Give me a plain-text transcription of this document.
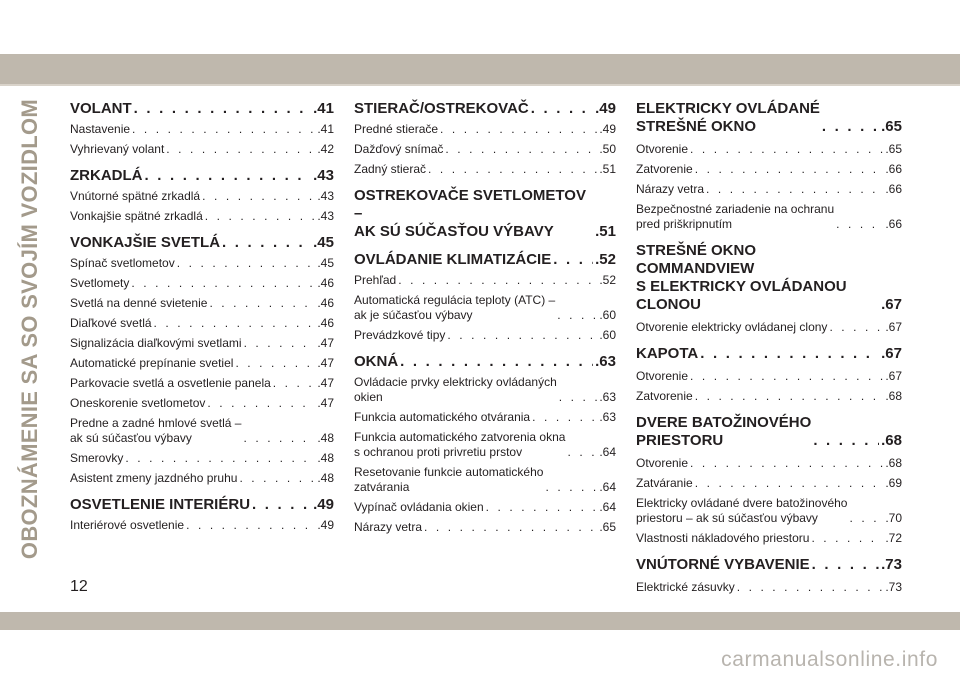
OBOZNÁMENIE SA SO SVOJÍM VOZIDLOM VOLANT . . .	.41
Nastavenie . . .	.41
Vyhrievaný volant . . .	.42
ZRKADLÁ . . .	.43
Vnútorné spätné zrkadlá . . .	.43
Vonkajšie spätné zrkadlá . . .	.43
VONKAJŠIE SVETLÁ . . .	.45
Spínač svetlometov . . .	.45
Svetlomety . . .	.46
Svetlá na denné svietenie . . .	.46
Diaľkové svetlá . . .	.46
Signalizácia diaľkovými svetlami . . .	.47
Automatické prepínanie svetiel . . .	.47
Parkovacie svetlá a osvetlenie panela . . .	.47
Oneskorenie svetlometov . . .	.47
Predne a zadné hmlové svetlá –
ak sú súčasťou výbavy . . .	.48
Smerovky . . .	.48
Asistent zmeny jazdného pruhu . . .	.48
OSVETLENIE INTERIÉRU . . .	.49
Interiérové osvetlenie . . .	.49
STIERAČ/OSTREKOVAČ . . .	.49
Predné stierače . . .	.49
Dažďový snímač . . .	.50
Zadný stierač . . .	.51
OSTREKOVAČE SVETLOMETOV –
AK SÚ SÚČASŤOU VÝBAVY	.51
OVLÁDANIE KLIMATIZÁCIE . . .	.52
Prehľad . . .	.52
Automatická regulácia teploty (ATC) –
ak je súčasťou výbavy . . .	.60
Prevádzkové tipy . . .	.60
OKNÁ . . .	.63
Ovládacie prvky elektricky ovládaných
okien . . .	.63
Funkcia automatického otvárania . . .	.63
Funkcia automatického zatvorenia okna
s ochranou proti privretiu prstov . . .	.64
Resetovanie funkcie automatického
zatvárania . . .	.64
Vypínač ovládania okien . . .	.64
Nárazy vetra . . .	.65
ELEKTRICKY OVLÁDANÉ
STREŠNÉ OKNO . . .	.65
Otvorenie . . .	.65
Zatvorenie . . .	.66
Nárazy vetra . . .	.66
Bezpečnostné zariadenie na ochranu
pred priškripnutím . . .	.66
STREŠNÉ OKNO COMMANDVIEW
S ELEKTRICKY OVLÁDANOU
CLONOU	.67
Otvorenie elektricky ovládanej clony . . .	.67
KAPOTA . . .	.67
Otvorenie . . .	.67
Zatvorenie . . .	.68
DVERE BATOŽINOVÉHO
PRIESTORU . . .	.68
Otvorenie . . .	.68
Zatváranie . . .	.69
Elektricky ovládané dvere batožinového
priestoru – ak sú súčasťou výbavy . . .	.70
Vlastnosti nákladového priestoru . . .	.72
VNÚTORNÉ VYBAVENIE . . .	.73
Elektrické zásuvky . . .	.73
12
carmanualsonline.info
